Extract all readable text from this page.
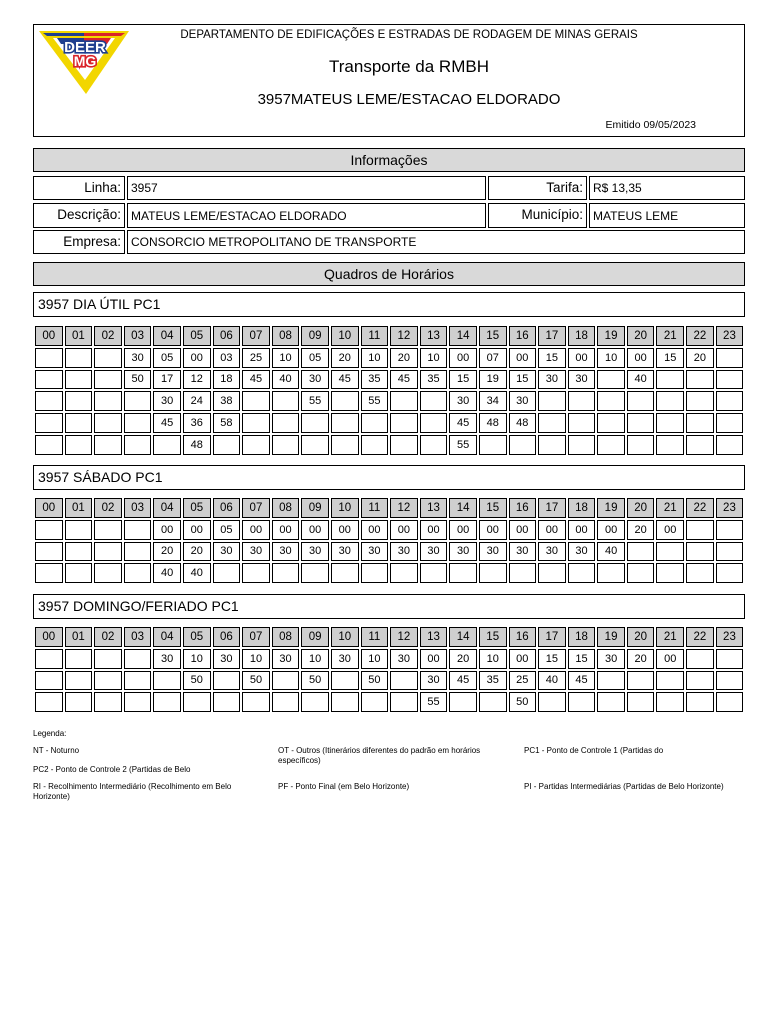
DEER
MG
DEPARTAMENTO DE EDIFICAÇÕES E ESTRADAS DE RODAGEM DE MINAS GERAIS
Transporte da RMBH
3957MATEUS LEME/ESTACAO ELDORADO
Emitido 09/05/2023
Informações
Linha: 3957	Tarifa: R$ 13,35
Descrição: MATEUS LEME/ESTACAO ELDORADO	Município: MATEUS LEME
Empresa: CONSORCIO METROPOLITANO DE TRANSPORTE
Quadros de Horários
3957 DIA ÚTIL PC1
00	01	02	03	04	05	06	07	08	09	10	11	12	13	14	15	16	17	18	19	20	21	22	23
			30	05	00	03	25	10	05	20	10	20	10	00	07	00	15	00	10	00	15	20	
			50	17	12	18	45	40	30	45	35	45	35	15	19	15	30	30		40			
				30	24	38			55		55			30	34	30							
				45	36	58								45	48	48							
					48									55									
3957 SÁBADO PC1
00	01	02	03	04	05	06	07	08	09	10	11	12	13	14	15	16	17	18	19	20	21	22	23
				00	00	05	00	00	00	00	00	00	00	00	00	00	00	00	00	20	00		
				20	20	30	30	30	30	30	30	30	30	30	30	30	30	30	40				
				40	40																		
3957 DOMINGO/FERIADO PC1
00	01	02	03	04	05	06	07	08	09	10	11	12	13	14	15	16	17	18	19	20	21	22	23
				30	10	30	10	30	10	30	10	30	00	20	10	00	15	15	30	20	00		
					50		50		50		50		30	45	35	25	40	45					
													55			50							
Legenda:
NT - Noturno	OT - Outros (Itinerários diferentes do padrão em horários específicos)
PC1 - Ponto de Controle 1 (Partidas do
PC2 - Ponto de Controle 2 (Partidas de Belo
RI - Recolhimento Intermediário (Recolhimento em Belo Horizonte)
PF - Ponto Final (em Belo Horizonte)	PI - Partidas Intermediárias (Partidas de Belo Horizonte)
